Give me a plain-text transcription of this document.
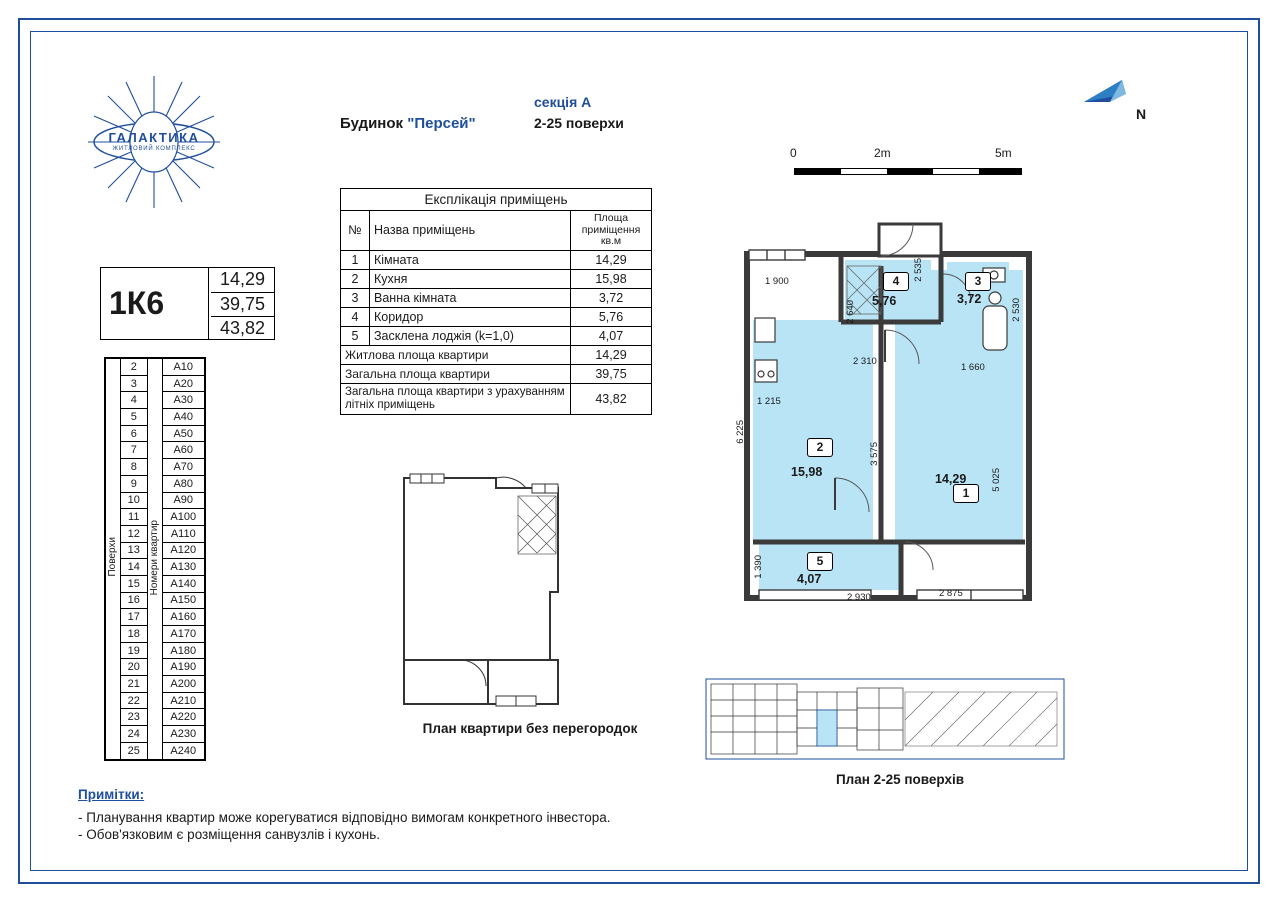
ГАЛАКТИКА
ЖИТЛОВИЙ КОМПЛЕКС
Будинок "Персей"
секція А
2-25 поверхи
N
0	2m	5m
1К6
14,29
39,75
43,82
Поверхи	2	Номери квартир	А10
	3		А20
	4		А30
	5		А40
	6		А50
	7		А60
	8		А70
	9		А80
	10		А90
	11		А100
	12		А110
	13		А120
	14		А130
	15		А140
	16		А150
	17		А160
	18		А170
	19		А180
	20		А190
	21		А200
	22		А210
	23		А220
	24		А230
	25		А240
Експлікація приміщень		
№	Назва приміщень	Площа приміщення кв.м
1	Кімната	14,29
2	Кухня	15,98
3	Ванна кімната	3,72
4	Коридор	5,76
5	Засклена лоджія (k=1,0)	4,07
Житлова площа квартири		14,29
Загальна площа квартири		39,75
Загальна площа квартири з урахуванням літніх приміщень		43,82
План квартири без перегородок
План 2-25 поверхів
Примітки:
- Планування квартир може корегуватися відповідно вимогам конкретного інвестора.
- Обов'язковим є розміщення санвузлів і кухонь.
1
14,29
2
15,98
3
3,72
4
5,76
5
4,07
1 900	2 535
2 640	2 530
2 310
1 660
1 215
6 225
3 575
5 025
1 390
2 930	2 875
